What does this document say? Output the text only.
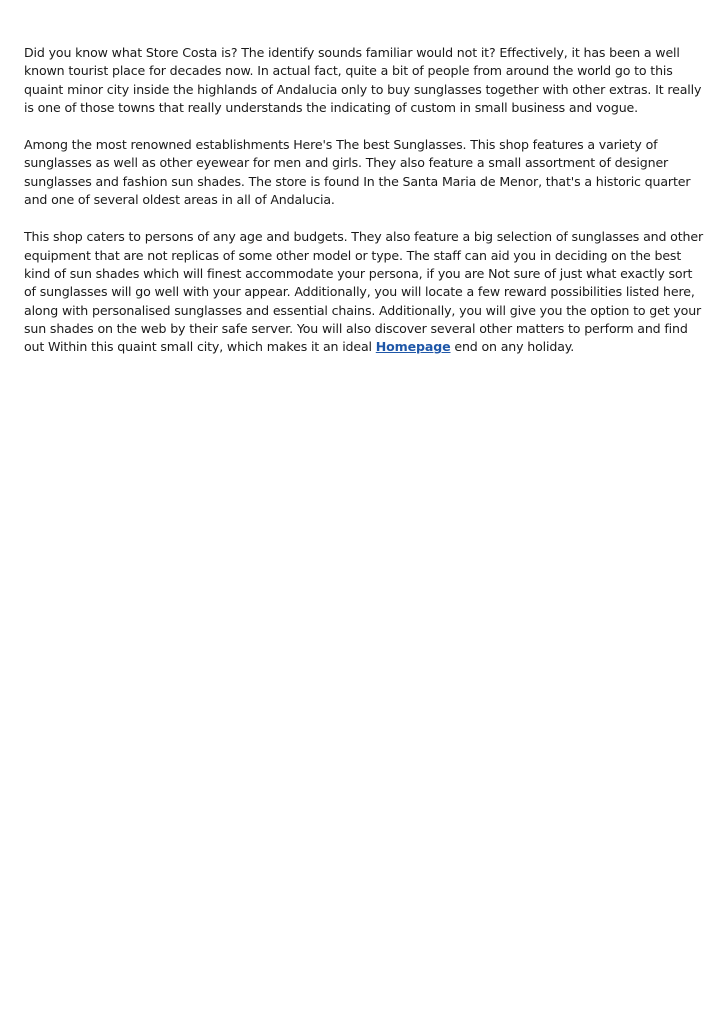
Did you know what Store Costa is? The identify sounds familiar would not it? Effectively, it has been a well known tourist place for decades now. In actual fact, quite a bit of people from around the world go to this quaint minor city inside the highlands of Andalucia only to buy sunglasses together with other extras. It really is one of those towns that really understands the indicating of custom in small business and vogue.

Among the most renowned establishments Here's The best Sunglasses. This shop features a variety of sunglasses as well as other eyewear for men and girls. They also feature a small assortment of designer sunglasses and fashion sun shades. The store is found In the Santa Maria de Menor, that's a historic quarter and one of several oldest areas in all of Andalucia.

This shop caters to persons of any age and budgets. They also feature a big selection of sunglasses and other equipment that are not replicas of some other model or type. The staff can aid you in deciding on the best kind of sun shades which will finest accommodate your persona, if you are Not sure of just what exactly sort of sunglasses will go well with your appear. Additionally, you will locate a few reward possibilities listed here, along with personalised sunglasses and essential chains. Additionally, you will give you the option to get your sun shades on the web by their safe server. You will also discover several other matters to perform and find out Within this quaint small city, which makes it an ideal Homepage end on any holiday.
